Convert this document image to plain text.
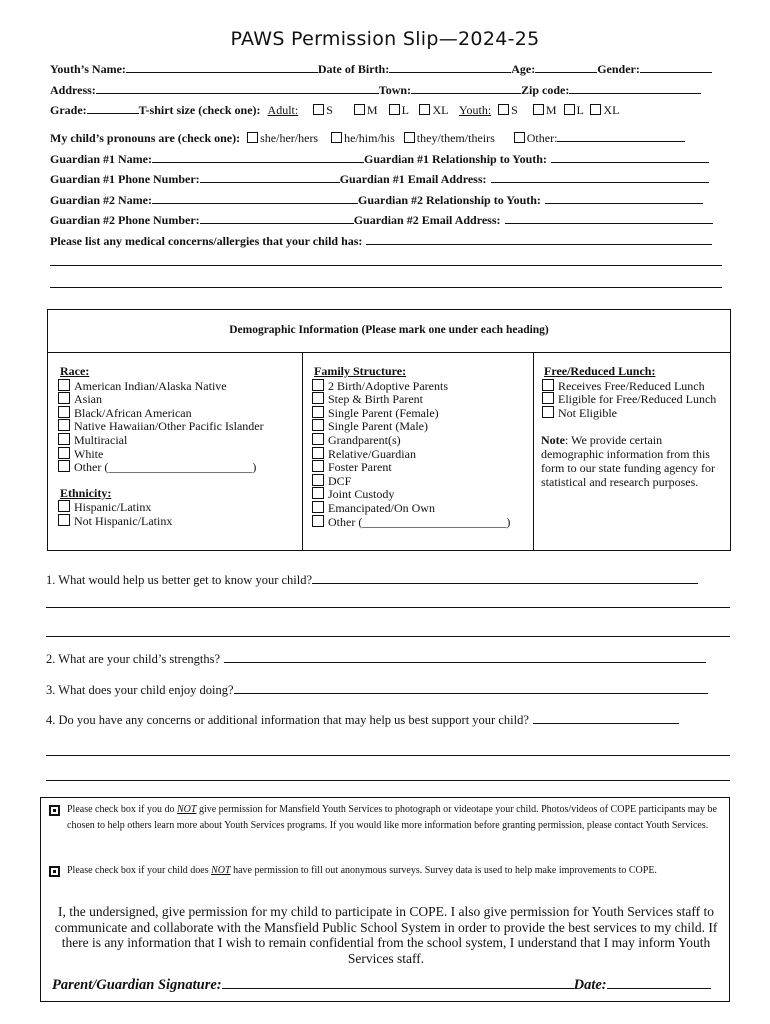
PAWS Permission Slip—2024-25
Youth’s Name:	Date of Birth:	Age:	Gender:
Address:	Town:	Zip code:
Grade:	T-shirt size (check one): Adult: S	M L XL Youth: S M L XL
My child’s pronouns are (check one): she/her/hers he/him/his they/them/theirs	Other:
Guardian #1 Name:	Guardian #1 Relationship to Youth:
Guardian #1 Phone Number:	Guardian #1 Email Address:
Guardian #2 Name:	Guardian #2 Relationship to Youth:
Guardian #2 Phone Number:	Guardian #2 Email Address:
Please list any medical concerns/allergies that your child has:
Demographic Information (Please mark one under each heading)
Race:
American Indian/Alaska Native
Asian
Black/African American
Native Hawaiian/Other Pacific Islander
Multiracial
White
Other (________________________)
Ethnicity:
Hispanic/Latinx
Not Hispanic/Latinx
Family Structure:
2 Birth/Adoptive Parents
Step & Birth Parent
Single Parent (Female)
Single Parent (Male)
Grandparent(s)
Relative/Guardian
Foster Parent
DCF
Joint Custody
Emancipated/On Own
Other (________________________)
Free/Reduced Lunch:
Receives Free/Reduced Lunch
Eligible for Free/Reduced Lunch
Not Eligible
Note: We provide certain demographic information from this form to our state funding agency for statistical and research purposes.
1. What would help us better get to know your child?
2. What are your child’s strengths?
3. What does your child enjoy doing?
4. Do you have any concerns or additional information that may help us best support your child?
Please check box if you do NOT give permission for Mansfield Youth Services to photograph or videotape your child. Photos/videos of COPE participants may be chosen to help others learn more about Youth Services programs. If you would like more information before granting permission, please contact Youth Services.
Please check box if your child does NOT have permission to fill out anonymous surveys. Survey data is used to help make improvements to COPE.
I, the undersigned, give permission for my child to participate in COPE. I also give permission for Youth Services staff to communicate and collaborate with the Mansfield Public School System in order to provide the best services to my child. If there is any information that I wish to remain confidential from the school system, I understand that I may inform Youth Services staff.
Parent/Guardian Signature:	Date:
